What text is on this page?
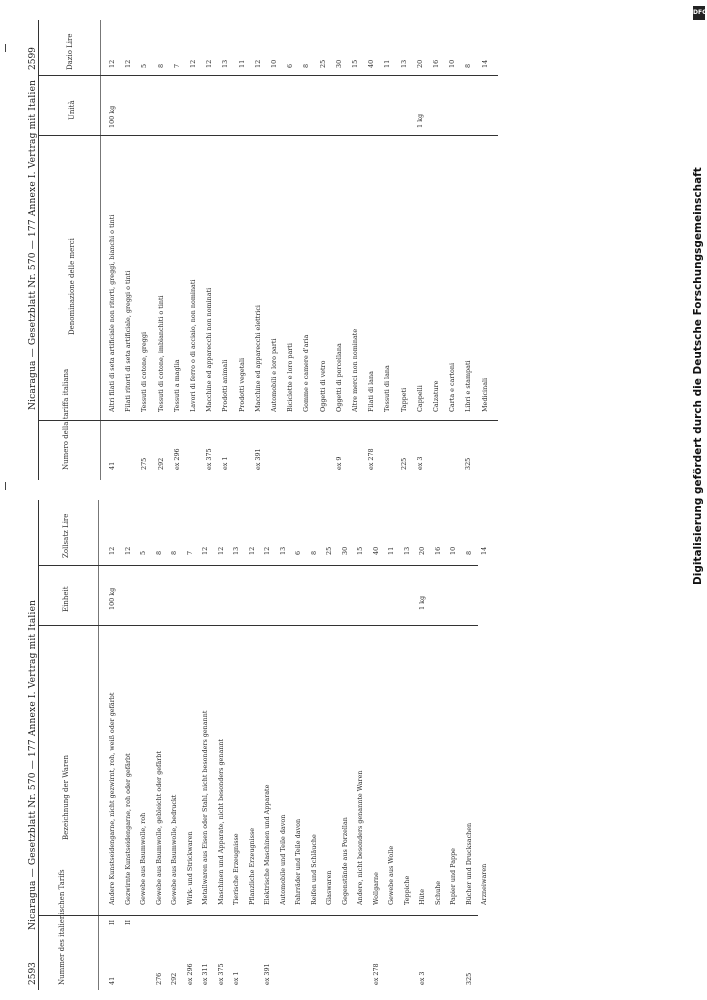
2593
Nicaragua — Gesetzblatt Nr. 570 — 177 Annexe I. Vertrag mit Italien	Nummer des italienischen Tarifs
Bezeichnung der Waren
Einheit
Zollsatz Lire
41
II
Andere Kunstseidengarne, nicht gezwirnt, roh, weiß oder gefärbt
100 kg
12
II
Gezwirnte Kunstseidengarne, roh oder gefärbt
12
Gewebe aus Baumwolle, roh
5
276
Gewebe aus Baumwolle, gebleicht oder gefärbt
8
292
Gewebe aus Baumwolle, bedruckt
8
ex 296
Wirk- und Strickwaren
7
ex 311
Metallwaren aus Eisen oder Stahl, nicht besonders genannt
12
ex 375
Maschinen und Apparate, nicht besonders genannt
12
ex 1
Tierische Erzeugnisse
13
Pflanzliche Erzeugnisse
12
ex 391
Elektrische Maschinen und Apparate
12
Automobile und Teile davon
13
Fahrräder und Teile davon
6
Reifen und Schläuche
8
Glaswaren
25
Gegenstände aus Porzellan
30
Andere, nicht besonders genannte Waren
15
ex 278
Wollgarne
40
Gewebe aus Wolle
11
Teppiche
13
ex 3
Hüte
1 kg
20
Schuhe
16
Papier und Pappe
10
325
Bücher und Drucksachen
8
Arzneiwaren
14
2599
Nicaragua — Gesetzblatt Nr. 570 — 177 Annexe I. Vertrag mit Italien
Numero della tariffa italiana
Denominazione delle merci
Unità
Dazio Lire
41
Altri filati di seta artificiale non ritorti, greggi, bianchi o tinti
100 kg
12
Filati ritorti di seta artificiale, greggi o tinti
12
275
Tessuti di cotone, greggi
5
292
Tessuti di cotone, imbianchiti o tinti
8
ex 296
Tessuti a maglia
7
Lavori di ferro o di acciaio, non nominati
12
ex 375
Macchine ed apparecchi non nominati
12
ex 1
Prodotti animali
13
Prodotti vegetali
11
ex 391
Macchine ed apparecchi elettrici
12
Automobili e loro parti
10
Biciclette e loro parti
6
Gomme e camere d'aria
8
Oggetti di vetro
25
ex 9
Oggetti di porcellana
30
Altre merci non nominate
15
ex 278
Filati di lana
40
Tessuti di lana
11
225
Tappeti
13
ex 3
Cappelli
1 kg
20
Calzature
16
Carta e cartoni
10
325
Libri e stampati
8
Medicinali
14
DFG
Digitalisierung gefördert durch die Deutsche Forschungsgemeinschaft
